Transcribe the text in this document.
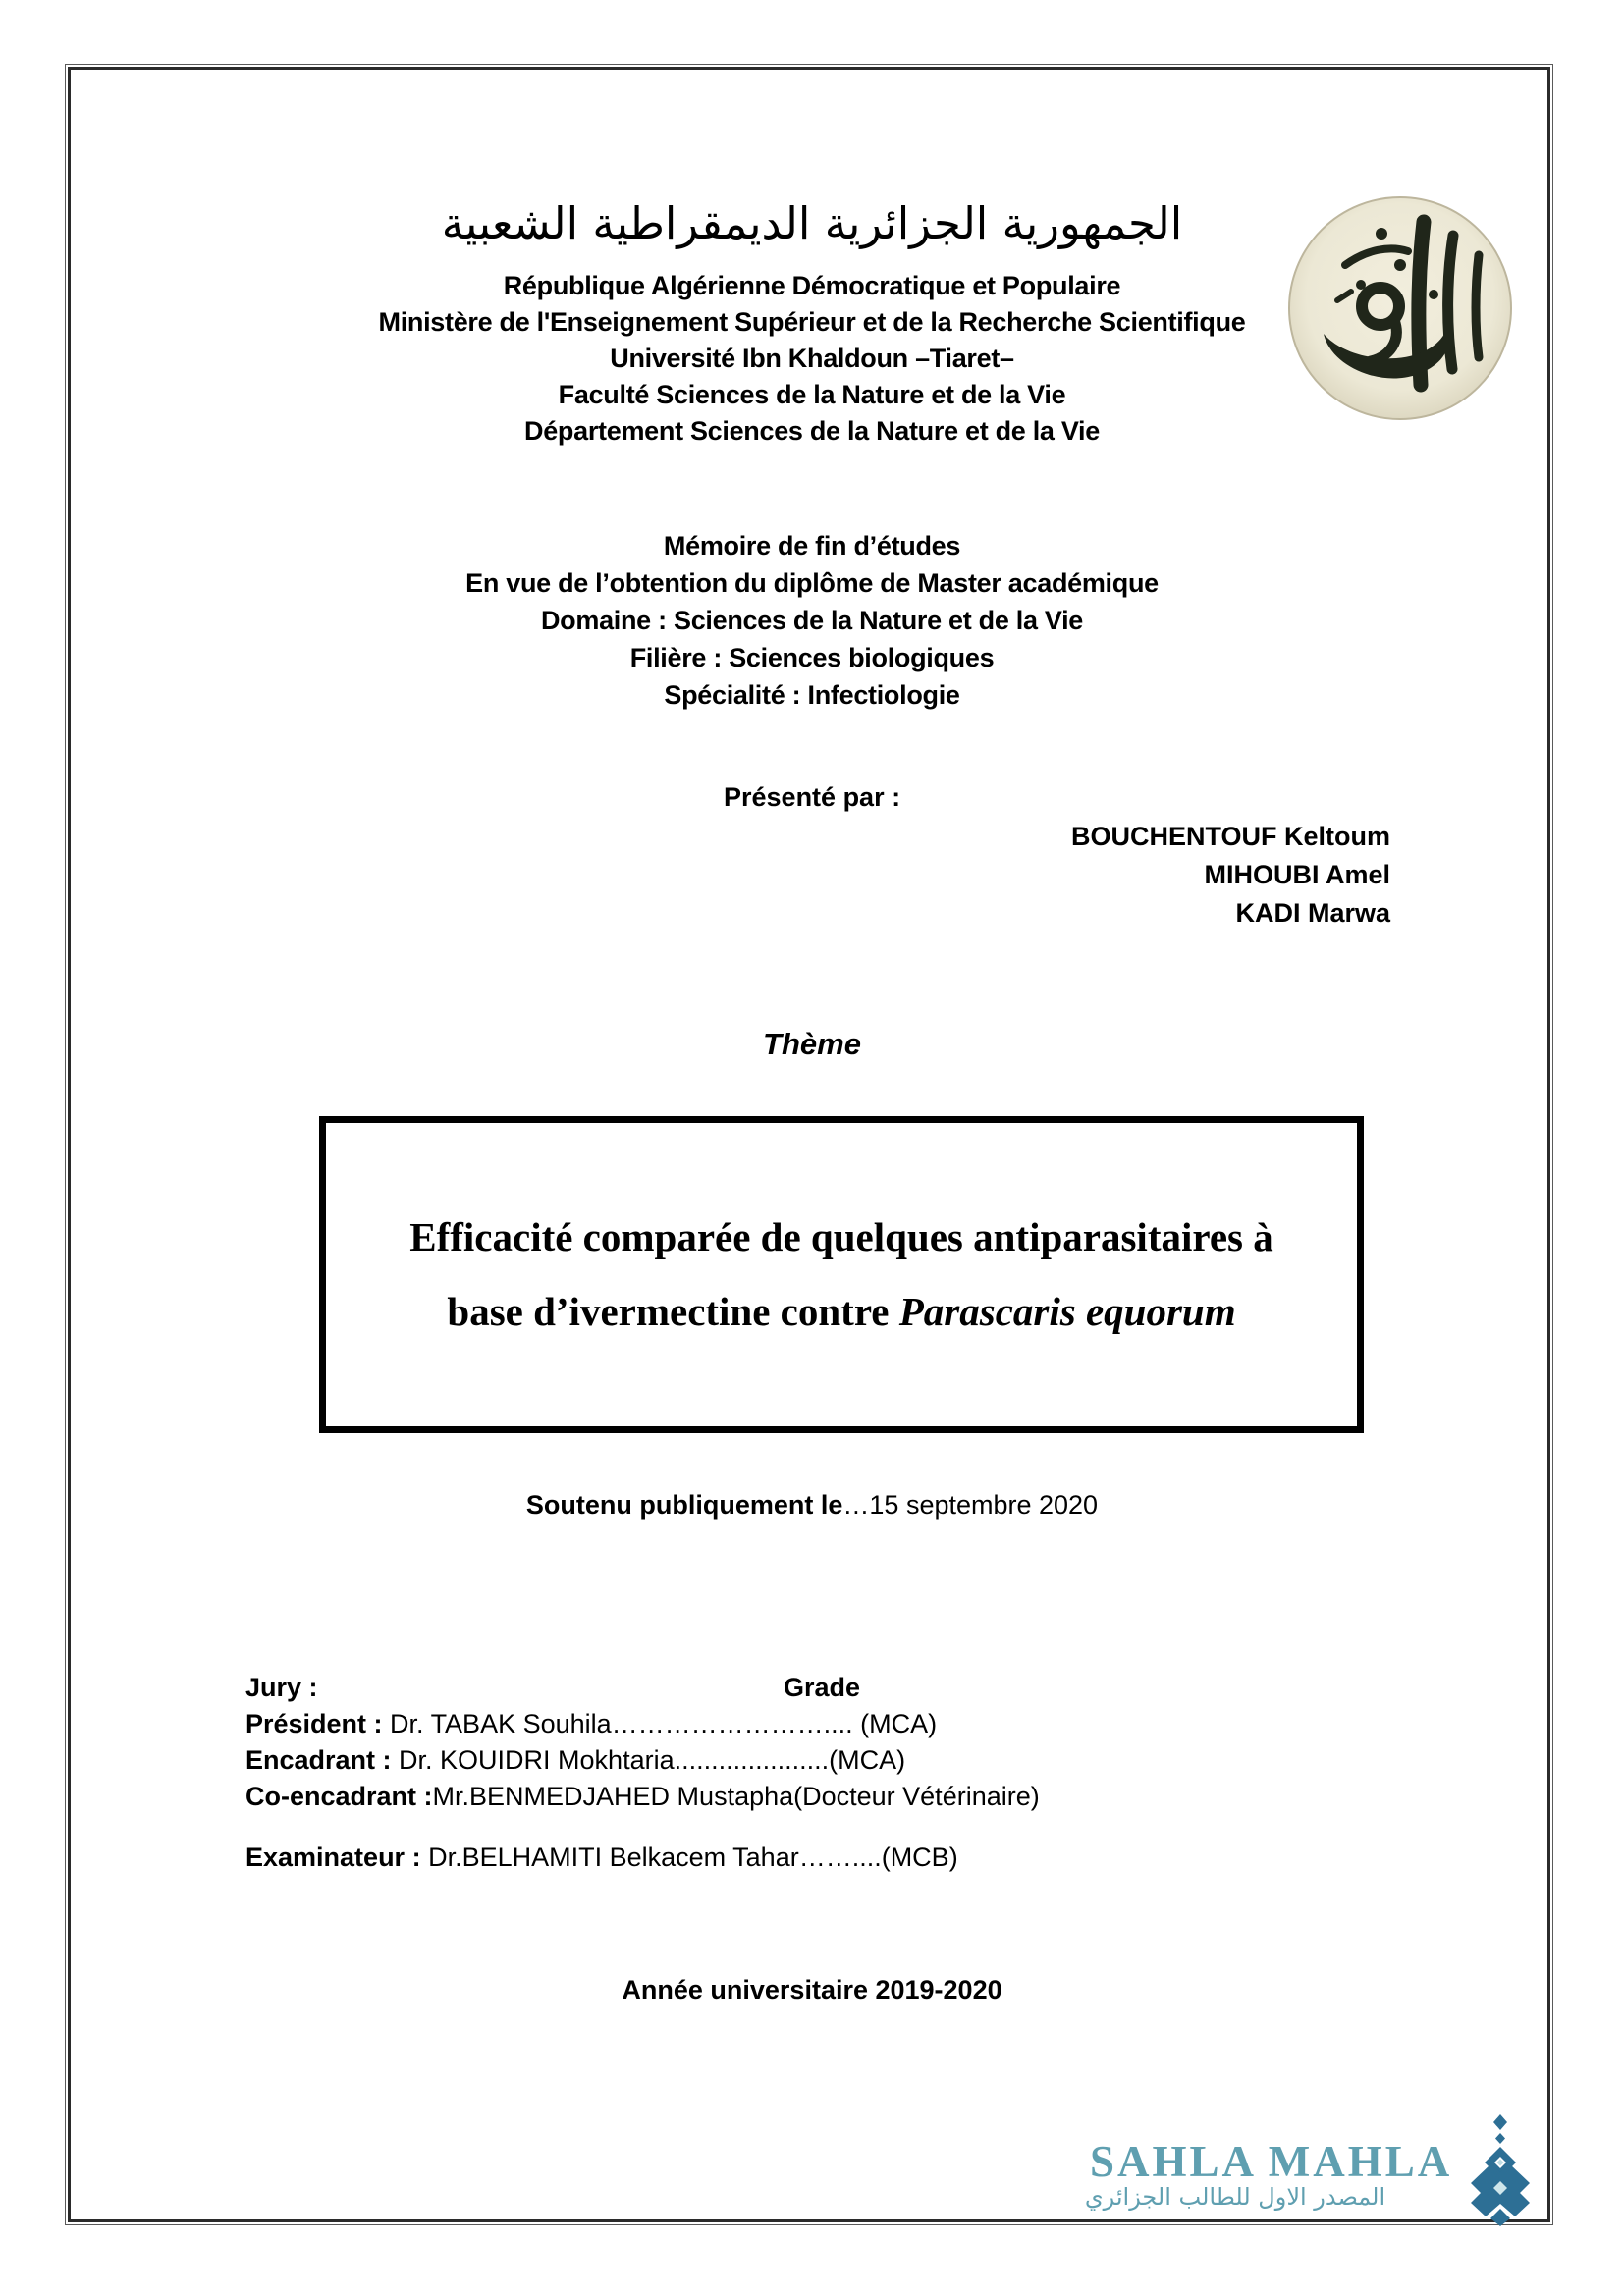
الجمهورية الجزائرية الديمقراطية الشعبية
République Algérienne Démocratique et Populaire
Ministère de l'Enseignement Supérieur et de la Recherche Scientifique
Université Ibn Khaldoun –Tiaret–
Faculté Sciences de la Nature et de la Vie
Département Sciences de la Nature et de la Vie
Mémoire de fin d’études
En vue de l’obtention du diplôme de Master académique
Domaine : Sciences de la Nature et de la Vie
Filière : Sciences biologiques
Spécialité : Infectiologie
Présenté par :
BOUCHENTOUF Keltoum
MIHOUBI Amel
KADI Marwa
Thème
Efficacité comparée de quelques antiparasitaires à
base d’ivermectine contre Parascaris equorum
Soutenu publiquement le…15 septembre 2020
Jury :	Grade
Président : Dr. TABAK Souhila…………………….... (MCA)
Encadrant : Dr. KOUIDRI Mokhtaria.....................(MCA)
Co-encadrant :Mr.BENMEDJAHED Mustapha(Docteur Vétérinaire)
Examinateur : Dr.BELHAMITI Belkacem Tahar……....(MCB)
Année universitaire 2019-2020
SAHLA MAHLA
المصدر الاول للطالب الجزائري
